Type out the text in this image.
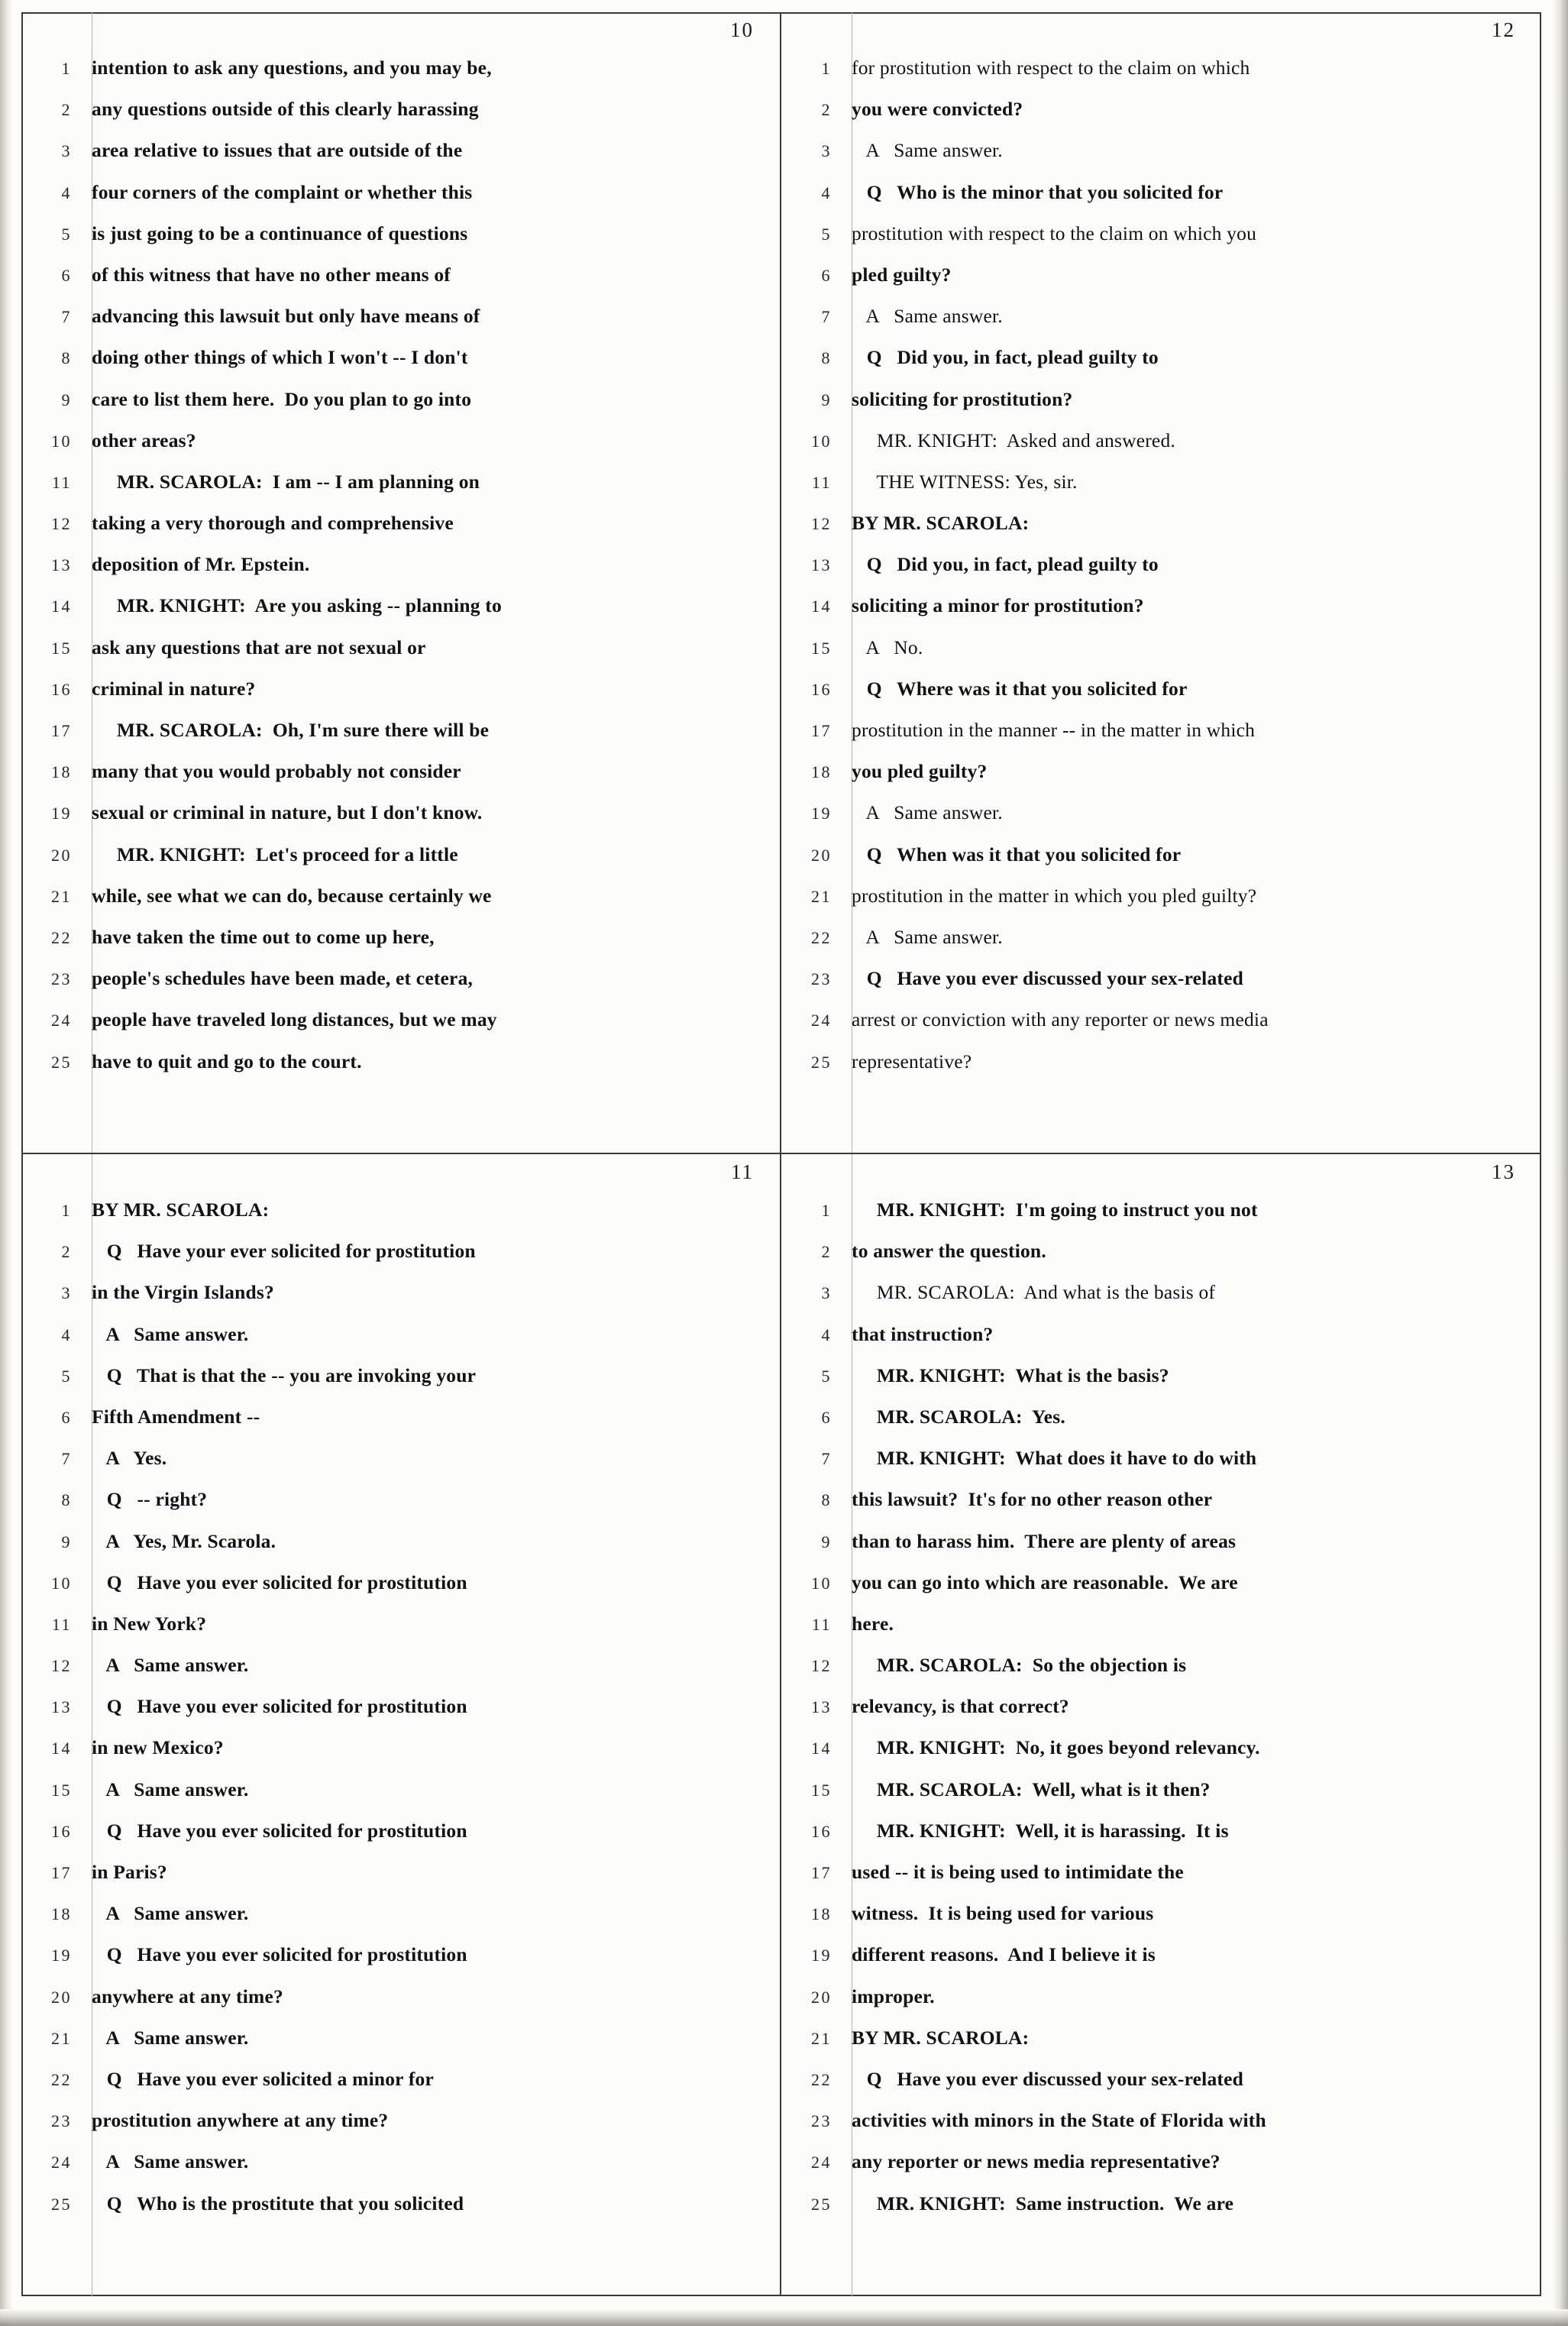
10
1	intention to ask any questions, and you may be,
2	any questions outside of this clearly harassing
3	area relative to issues that are outside of the
4	four corners of the complaint or whether this
5	is just going to be a continuance of questions
6	of this witness that have no other means of
7	advancing this lawsuit but only have means of
8	doing other things of which I won't -- I don't
9	care to list them here.  Do you plan to go into
10	other areas?
11	MR. SCAROLA:  I am -- I am planning on
12	taking a very thorough and comprehensive
13	deposition of Mr. Epstein.
14	MR. KNIGHT:  Are you asking -- planning to
15	ask any questions that are not sexual or
16	criminal in nature?
17	MR. SCAROLA:  Oh, I'm sure there will be
18	many that you would probably not consider
19	sexual or criminal in nature, but I don't know.
20	MR. KNIGHT:  Let's proceed for a little
21	while, see what we can do, because certainly we
22	have taken the time out to come up here,
23	people's schedules have been made, et cetera,
24	people have traveled long distances, but we may
25	have to quit and go to the court.
12
1	for prostitution with respect to the claim on which
2	you were convicted?
3	A   Same answer.
4	Q   Who is the minor that you solicited for
5	prostitution with respect to the claim on which you
6	pled guilty?
7	A   Same answer.
8	Q   Did you, in fact, plead guilty to
9	soliciting for prostitution?
10	MR. KNIGHT:  Asked and answered.
11	THE WITNESS: Yes, sir.
12	BY MR. SCAROLA:
13	Q   Did you, in fact, plead guilty to
14	soliciting a minor for prostitution?
15	A   No.
16	Q   Where was it that you solicited for
17	prostitution in the manner -- in the matter in which
18	you pled guilty?
19	A   Same answer.
20	Q   When was it that you solicited for
21	prostitution in the matter in which you pled guilty?
22	A   Same answer.
23	Q   Have you ever discussed your sex-related
24	arrest or conviction with any reporter or news media
25	representative?
11
1	BY MR. SCAROLA:
2	Q   Have your ever solicited for prostitution
3	in the Virgin Islands?
4	A   Same answer.
5	Q   That is that the -- you are invoking your
6	Fifth Amendment --
7	A   Yes.
8	Q   -- right?
9	A   Yes, Mr. Scarola.
10	Q   Have you ever solicited for prostitution
11	in New York?
12	A   Same answer.
13	Q   Have you ever solicited for prostitution
14	in new Mexico?
15	A   Same answer.
16	Q   Have you ever solicited for prostitution
17	in Paris?
18	A   Same answer.
19	Q   Have you ever solicited for prostitution
20	anywhere at any time?
21	A   Same answer.
22	Q   Have you ever solicited a minor for
23	prostitution anywhere at any time?
24	A   Same answer.
25	Q   Who is the prostitute that you solicited
13
1	MR. KNIGHT:  I'm going to instruct you not
2	to answer the question.
3	MR. SCAROLA:  And what is the basis of
4	that instruction?
5	MR. KNIGHT:  What is the basis?
6	MR. SCAROLA:  Yes.
7	MR. KNIGHT:  What does it have to do with
8	this lawsuit?  It's for no other reason other
9	than to harass him.  There are plenty of areas
10	you can go into which are reasonable.  We are
11	here.
12	MR. SCAROLA:  So the objection is
13	relevancy, is that correct?
14	MR. KNIGHT:  No, it goes beyond relevancy.
15	MR. SCAROLA:  Well, what is it then?
16	MR. KNIGHT:  Well, it is harassing.  It is
17	used -- it is being used to intimidate the
18	witness.  It is being used for various
19	different reasons.  And I believe it is
20	improper.
21	BY MR. SCAROLA:
22	Q   Have you ever discussed your sex-related
23	activities with minors in the State of Florida with
24	any reporter or news media representative?
25	MR. KNIGHT:  Same instruction.  We are
